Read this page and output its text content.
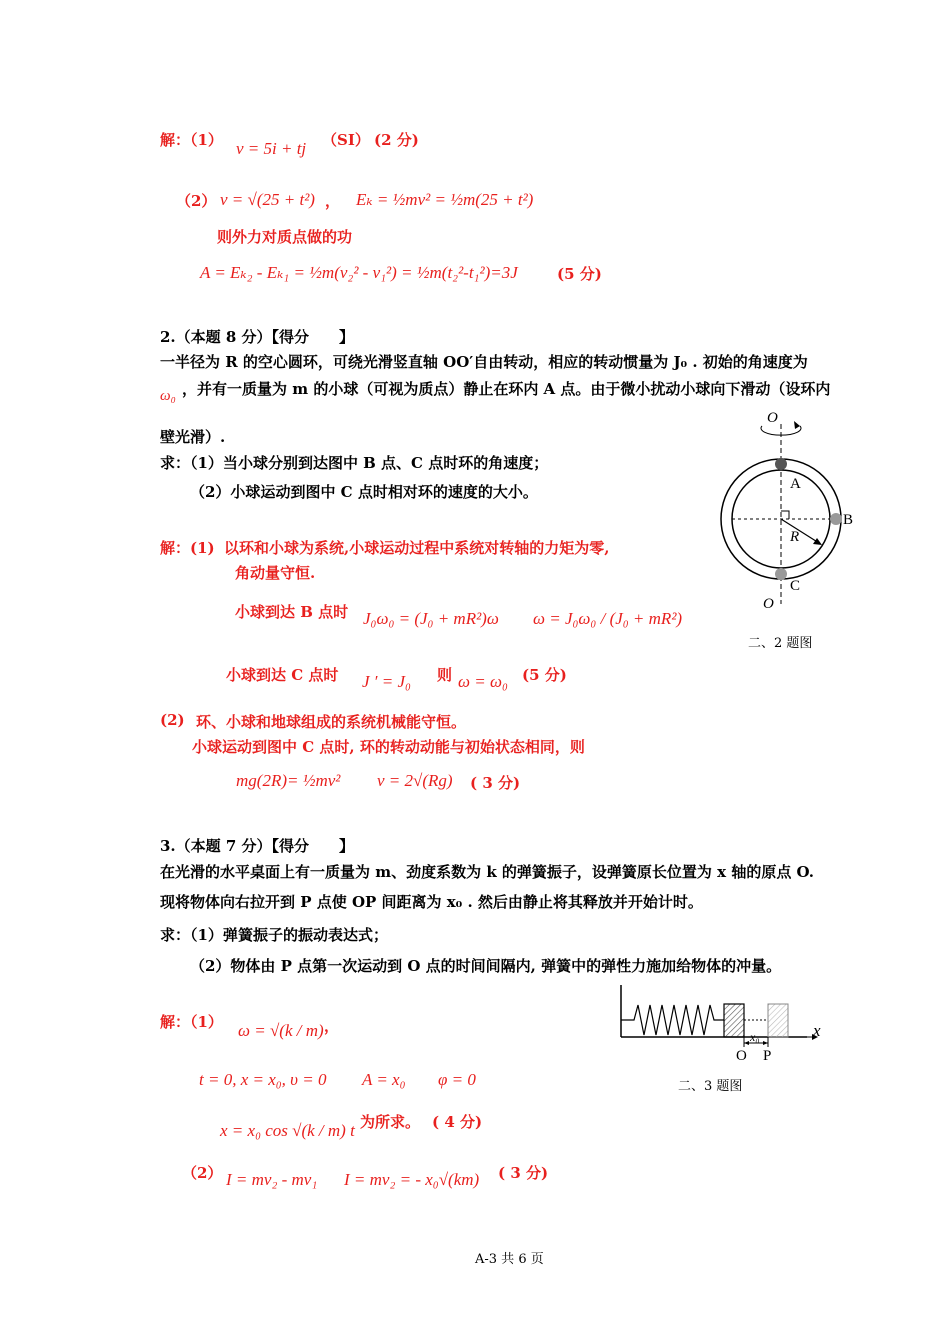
解：（1） v = 5i + tj （SI） (2 分)
（2） v = √(25 + t²) ， Eₖ = ½mv² = ½m(25 + t²)
则外力对质点做的功
A = Eₖ₂ - Eₖ₁ = ½m(v₂² - v₁²) = ½m(t₂²-t₁²)=3J	(5 分)
2.（本题 8 分）【得分　　】
一半径为 R 的空心圆环，可绕光滑竖直轴 OO′自由转动，相应的转动惯量为 J₀ . 初始的角速度为
ω₀ ，并有一质量为 m 的小球（可视为质点）静止在环内 A 点。由于微小扰动小球向下滑动（设环内
壁光滑）.
求：（1）当小球分别到达图中 B 点、C 点时环的角速度；
（2）小球运动到图中 C 点时相对环的速度的大小。
解：(1) 以环和小球为系统,小球运动过程中系统对转轴的力矩为零,
角动量守恒.
小球到达 B 点时 J₀ω₀ = (J₀ + mR²)ω ω = J₀ω₀ / (J₀ + mR²)
小球到达 C 点时 J ′ = J₀ 则 ω = ω₀ (5 分)
(2) 环、小球和地球组成的系统机械能守恒。
小球运动到图中 C 点时, 环的转动动能与初始状态相同，则
mg(2R)= ½mv² v = 2√(Rg) ( 3 分)
O
A
B
R
C
O
二、2 题图
3.（本题 7 分）【得分　　】
在光滑的水平桌面上有一质量为 m、劲度系数为 k 的弹簧振子，设弹簧原长位置为 x 轴的原点 O.
现将物体向右拉开到 P 点使 OP 间距离为 x₀ . 然后由静止将其释放并开始计时。
求：（1）弹簧振子的振动表达式；
（2）物体由 P 点第一次运动到 O 点的时间间隔内, 弹簧中的弹性力施加给物体的冲量。
解：（1） ω = √(k / m) ，
t = 0, x = x₀, υ = 0 A = x₀ φ = 0
x = x₀ cos √(k / m) t 为所求。 ( 4 分)
（2） I = mv₂ - mv₁ I = mv₂ = - x₀√(km) ( 3 分)
x
x₀
O P
二、3 题图
A-3 共 6 页
